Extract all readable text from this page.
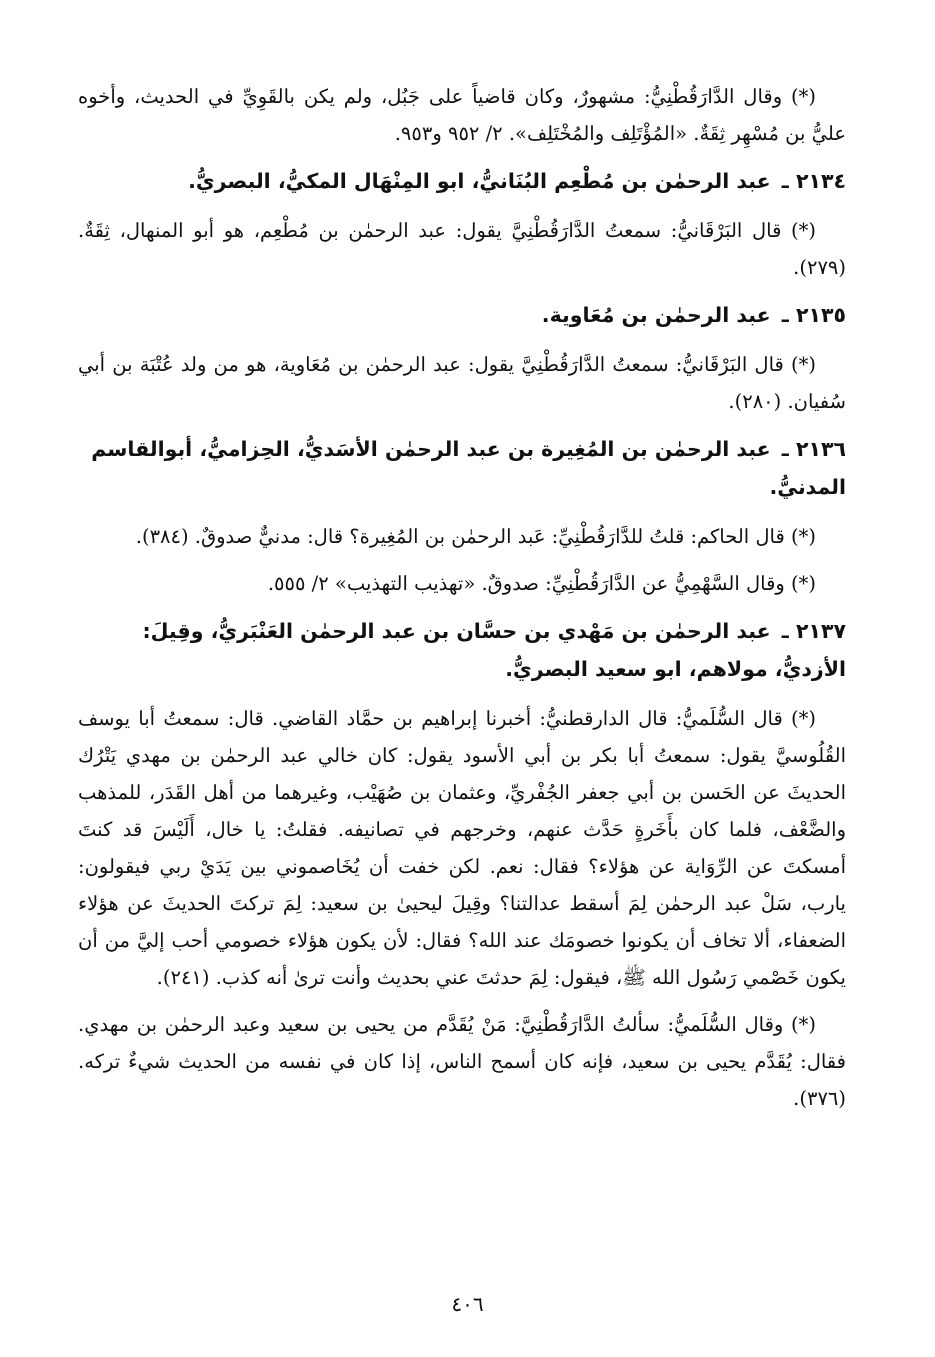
(*) وقال الدَّارَقُطْنِيُّ: مشهورٌ، وكان قاضياً على جَبُل، ولم يكن بالقَوِيِّ في الحديث، وأخوه عليُّ بن مُسْهِر ثِقَةٌ. «المُؤْتَلِف والمُخْتَلِف». ٢/ ٩٥٢ و٩٥٣.

٢١٣٤ ـ عبد الرحمٰن بن مُطْعِم البُنَانيُّ، ابو المِنْهَال المكيُّ، البصريُّ.

(*) قال البَرْقَانيُّ: سمعتُ الدَّارَقُطْنِيَّ يقول: عبد الرحمٰن بن مُطْعِم، هو أبو المنهال، ثِقَةٌ. (٢٧٩).

٢١٣٥ ـ عبد الرحمٰن بن مُعَاوية.

(*) قال البَرْقَانيُّ: سمعتُ الدَّارَقُطْنِيَّ يقول: عبد الرحمٰن بن مُعَاوية، هو من ولد عُتْبَة بن أبي سُفيان. (٢٨٠).

٢١٣٦ ـ عبد الرحمٰن بن المُغِيرة بن عبد الرحمٰن الأسَديُّ، الحِزاميُّ، أبوالقاسم المدنيُّ.

(*) قال الحاكم: قلتُ للدَّارَقُطْنِيِّ: عَبد الرحمٰن بن المُغِيرة؟ قال: مدنيٌّ صدوقٌ. (٣٨٤).

(*) وقال السَّهْمِيُّ عن الدَّارَقُطْنِيِّ: صدوقٌ. «تهذيب التهذيب» ٢/ ٥٥٥.

٢١٣٧ ـ عبد الرحمٰن بن مَهْدي بن حسَّان بن عبد الرحمٰن العَنْبَريُّ، وقِيلَ: الأزديُّ، مولاهم، ابو سعيد البصريُّ.

(*) قال السُّلَميُّ: قال الدارقطنيُّ: أخبرنا إبراهيم بن حمَّاد القاضي. قال: سمعتُ أبا يوسف القُلُوسيَّ يقول: سمعتُ أبا بكر بن أبي الأسود يقول: كان خالي عبد الرحمٰن بن مهدي يَتْرُك الحديثَ عن الحَسن بن أبي جعفر الجُفْريِّ، وعثمان بن صُهَيْب، وغيرهما من أهل القَدَر، للمذهب والضَّعْف، فلما كان بأَخَرةٍ حَدَّث عنهم، وخرجهم في تصانيفه. فقلتُ: يا خال، أَلَيْسَ قد كنتَ أمسكتَ عن الرِّوَاية عن هؤلاء؟ فقال: نعم. لكن خفت أن يُخَاصموني بين يَدَيْ ربي فيقولون: يارب، سَلْ عبد الرحمٰن لِمَ أسقط عدالتنا؟ وقِيلَ ليحيىٰ بن سعيد: لِمَ تركتَ الحديثَ عن هؤلاء الضعفاء، ألا تخاف أن يكونوا خصومَك عند الله؟ فقال: لأن يكون هؤلاء خصومي أحب إليَّ من أن يكون خَصْمي رَسُول الله ﷺ، فيقول: لِمَ حدثتَ عني بحديث وأنت ترىٰ أنه كذب. (٢٤١).

(*) وقال السُّلَميُّ: سألتُ الدَّارَقُطْنِيَّ: مَنْ يُقَدَّم من يحيى بن سعيد وعبد الرحمٰن بن مهدي. فقال: يُقَدَّم يحيى بن سعيد، فإنه كان أسمح الناس، إذا كان في نفسه من الحديث شيءٌ تركه. (٣٧٦).

٤٠٦
